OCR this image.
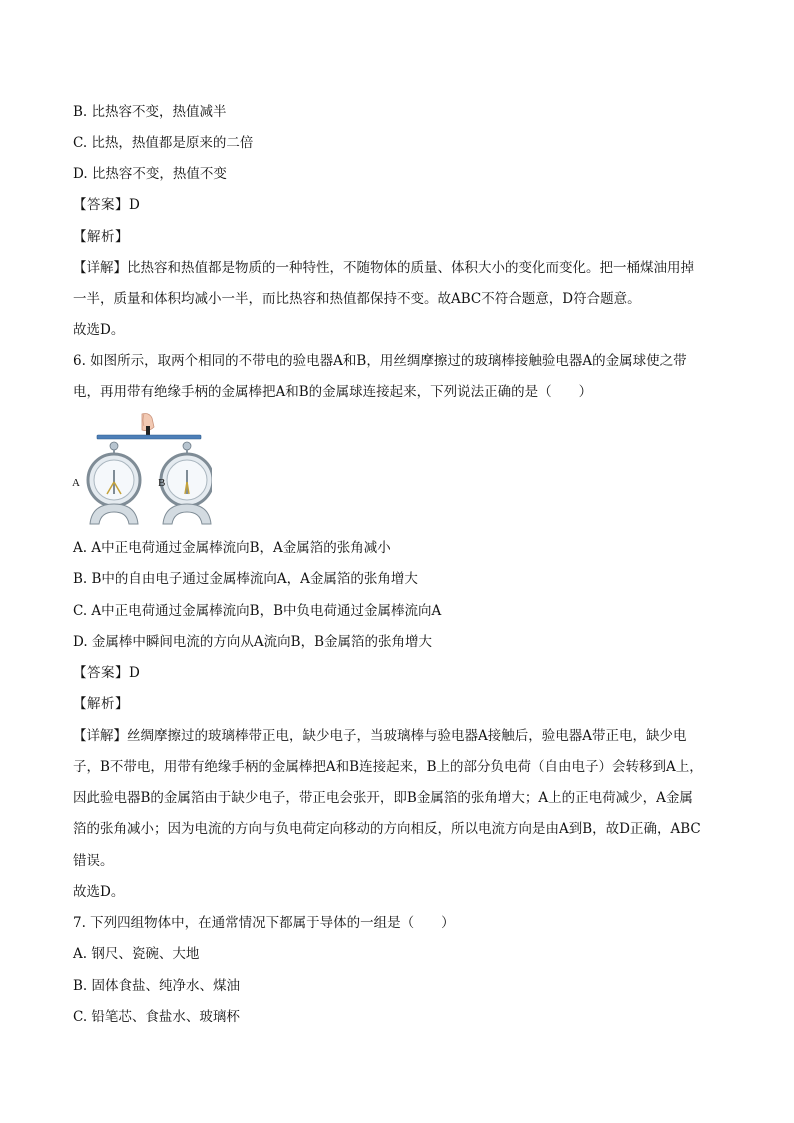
B. 比热容不变，热值减半
C. 比热，热值都是原来的二倍
D. 比热容不变，热值不变
【答案】D
【解析】
【详解】比热容和热值都是物质的一种特性，不随物体的质量、体积大小的变化而变化。把一桶煤油用掉
一半，质量和体积均减小一半，而比热容和热值都保持不变。故ABC不符合题意，D符合题意。
故选D。
6. 如图所示，取两个相同的不带电的验电器A和B，用丝绸摩擦过的玻璃棒接触验电器A的金属球使之带
电，再用带有绝缘手柄的金属棒把A和B的金属球连接起来，下列说法正确的是（　　）
A	B
A. A中正电荷通过金属棒流向B，A金属箔的张角减小
B. B中的自由电子通过金属棒流向A，A金属箔的张角增大
C. A中正电荷通过金属棒流向B，B中负电荷通过金属棒流向A
D. 金属棒中瞬间电流的方向从A流向B，B金属箔的张角增大
【答案】D
【解析】
【详解】丝绸摩擦过的玻璃棒带正电，缺少电子，当玻璃棒与验电器A接触后，验电器A带正电，缺少电
子，B不带电，用带有绝缘手柄的金属棒把A和B连接起来，B上的部分负电荷（自由电子）会转移到A上，
因此验电器B的金属箔由于缺少电子，带正电会张开，即B金属箔的张角增大；A上的正电荷减少，A金属
箔的张角减小；因为电流的方向与负电荷定向移动的方向相反，所以电流方向是由A到B，故D正确，ABC
错误。
故选D。
7. 下列四组物体中，在通常情况下都属于导体的一组是（　　）
A. 钢尺、瓷碗、大地
B. 固体食盐、纯净水、煤油
C. 铅笔芯、食盐水、玻璃杯
